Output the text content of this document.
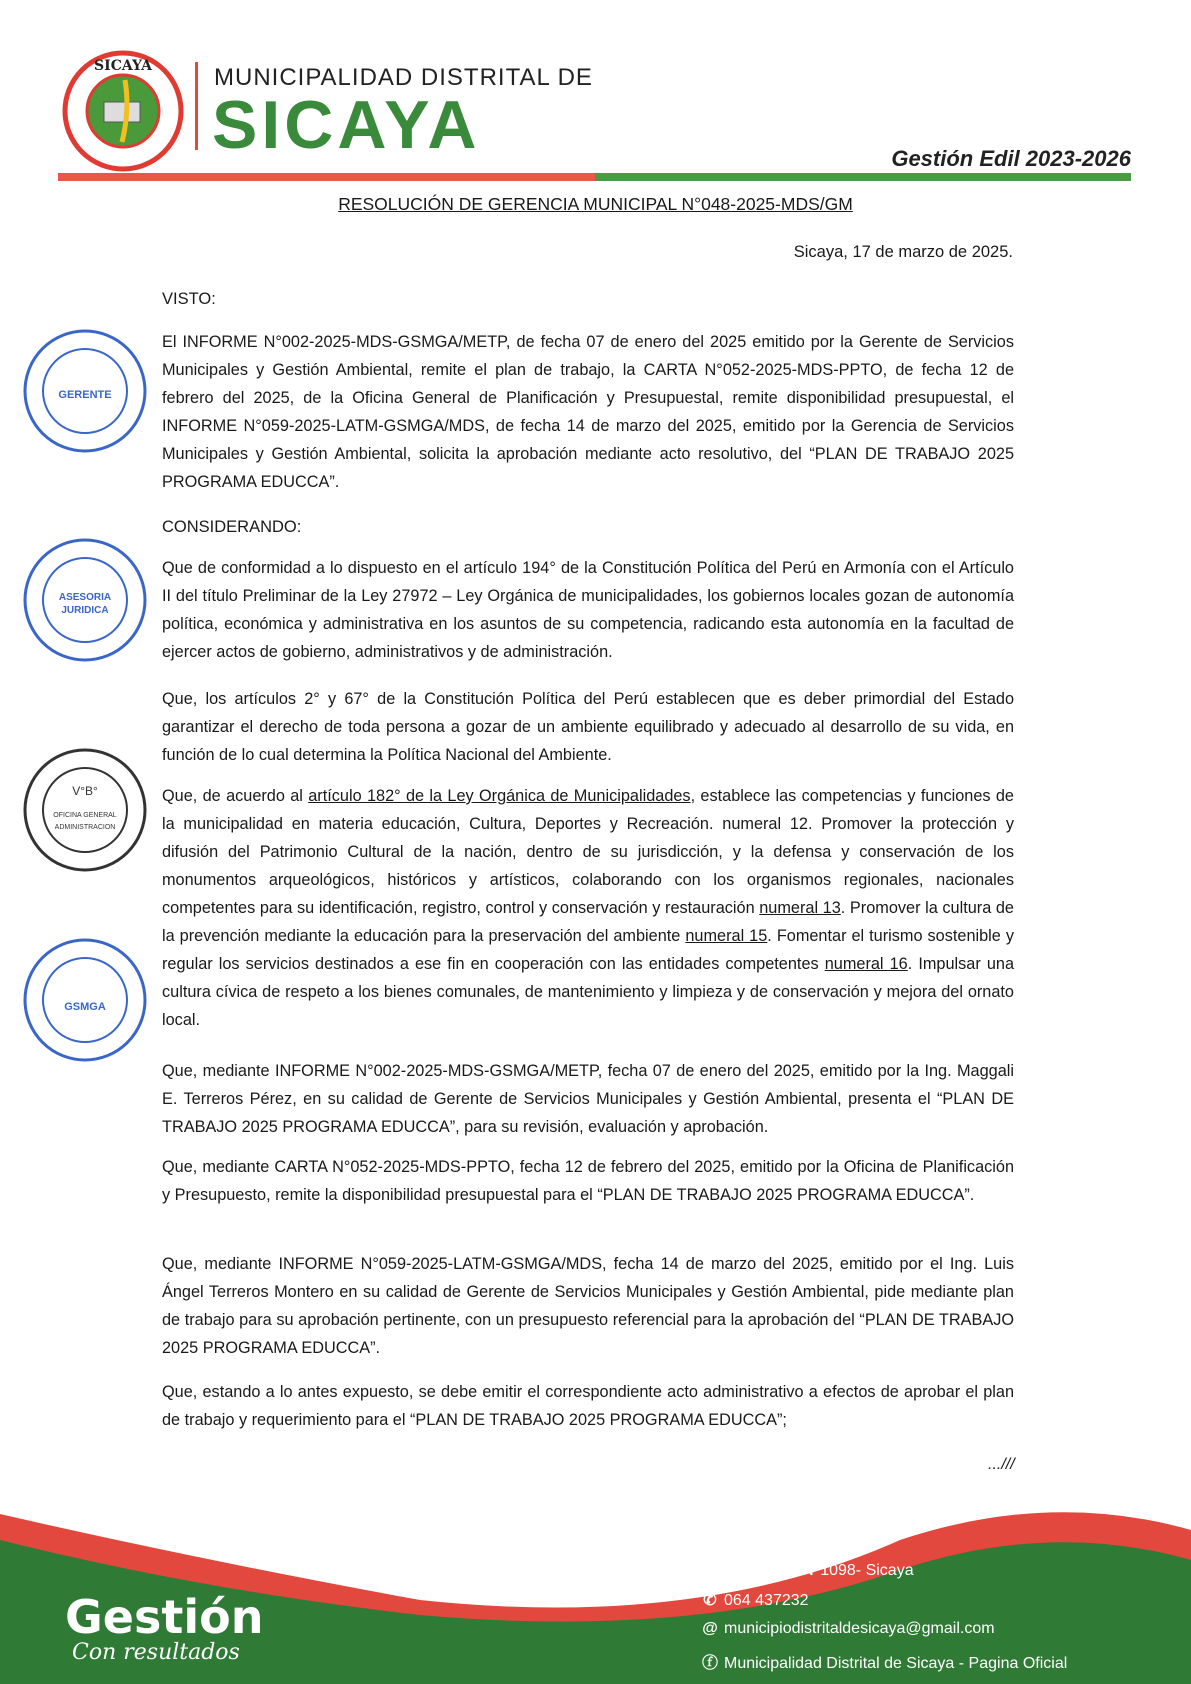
SICAYA	MUNICIPALIDAD DISTRITAL DE
SICAYA	Gestión Edil 2023-2026
RESOLUCIÓN DE GERENCIA MUNICIPAL N°048-2025-MDS/GM
Sicaya, 17 de marzo de 2025.
VISTO:
El INFORME N°002-2025-MDS-GSMGA/METP, de fecha 07 de enero del 2025 emitido por la Gerente de Servicios Municipales y Gestión Ambiental, remite el plan de trabajo, la CARTA N°052-2025-MDS-PPTO, de fecha 12 de febrero del 2025, de la Oficina General de Planificación y Presupuestal, remite disponibilidad presupuestal, el INFORME N°059-2025-LATM-GSMGA/MDS, de fecha 14 de marzo del 2025, emitido por la Gerencia de Servicios Municipales y Gestión Ambiental, solicita la aprobación mediante acto resolutivo, del “PLAN DE TRABAJO 2025 PROGRAMA EDUCCA”.
CONSIDERANDO:
Que de conformidad a lo dispuesto en el artículo 194° de la Constitución Política del Perú en Armonía con el Artículo II del título Preliminar de la Ley 27972 – Ley Orgánica de municipalidades, los gobiernos locales gozan de autonomía política, económica y administrativa en los asuntos de su competencia, radicando esta autonomía en la facultad de ejercer actos de gobierno, administrativos y de administración.
Que, los artículos 2° y 67° de la Constitución Política del Perú establecen que es deber primordial del Estado garantizar el derecho de toda persona a gozar de un ambiente equilibrado y adecuado al desarrollo de su vida, en función de lo cual determina la Política Nacional del Ambiente.
Que, de acuerdo al artículo 182° de la Ley Orgánica de Municipalidades, establece las competencias y funciones de la municipalidad en materia educación, Cultura, Deportes y Recreación. numeral 12. Promover la protección y difusión del Patrimonio Cultural de la nación, dentro de su jurisdicción, y la defensa y conservación de los monumentos arqueológicos, históricos y artísticos, colaborando con los organismos regionales, nacionales competentes para su identificación, registro, control y conservación y restauración numeral 13. Promover la cultura de la prevención mediante la educación para la preservación del ambiente numeral 15. Fomentar el turismo sostenible y regular los servicios destinados a ese fin en cooperación con las entidades competentes numeral 16. Impulsar una cultura cívica de respeto a los bienes comunales, de mantenimiento y limpieza y de conservación y mejora del ornato local.
Que, mediante INFORME N°002-2025-MDS-GSMGA/METP, fecha 07 de enero del 2025, emitido por la Ing. Maggali E. Terreros Pérez, en su calidad de Gerente de Servicios Municipales y Gestión Ambiental, presenta el “PLAN DE TRABAJO 2025 PROGRAMA EDUCCA”, para su revisión, evaluación y aprobación.
Que, mediante CARTA N°052-2025-MDS-PPTO, fecha 12 de febrero del 2025, emitido por la Oficina de Planificación y Presupuesto, remite la disponibilidad presupuestal para el “PLAN DE TRABAJO 2025 PROGRAMA EDUCCA”.
Que, mediante INFORME N°059-2025-LATM-GSMGA/MDS, fecha 14 de marzo del 2025, emitido por el Ing. Luis Ángel Terreros Montero en su calidad de Gerente de Servicios Municipales y Gestión Ambiental, pide mediante plan de trabajo para su aprobación pertinente, con un presupuesto referencial para la aprobación del “PLAN DE TRABAJO 2025 PROGRAMA EDUCCA”.
Que, estando a lo antes expuesto, se debe emitir el correspondiente acto administrativo a efectos de aprobar el plan de trabajo y requerimiento para el “PLAN DE TRABAJO 2025 PROGRAMA EDUCCA”;
...///
GERENTE
ASESORIA
JURIDICA
V°B°
OFICINA GENERAL
ADMINISTRACION
GSMGA
Gestión
Con resultados
⚲ Calle Real N°1098- Sicaya
✆ 064 437232
@ municipiodistritaldesicaya@gmail.com
ⓕ Municipalidad Distrital de Sicaya - Pagina Oficial
